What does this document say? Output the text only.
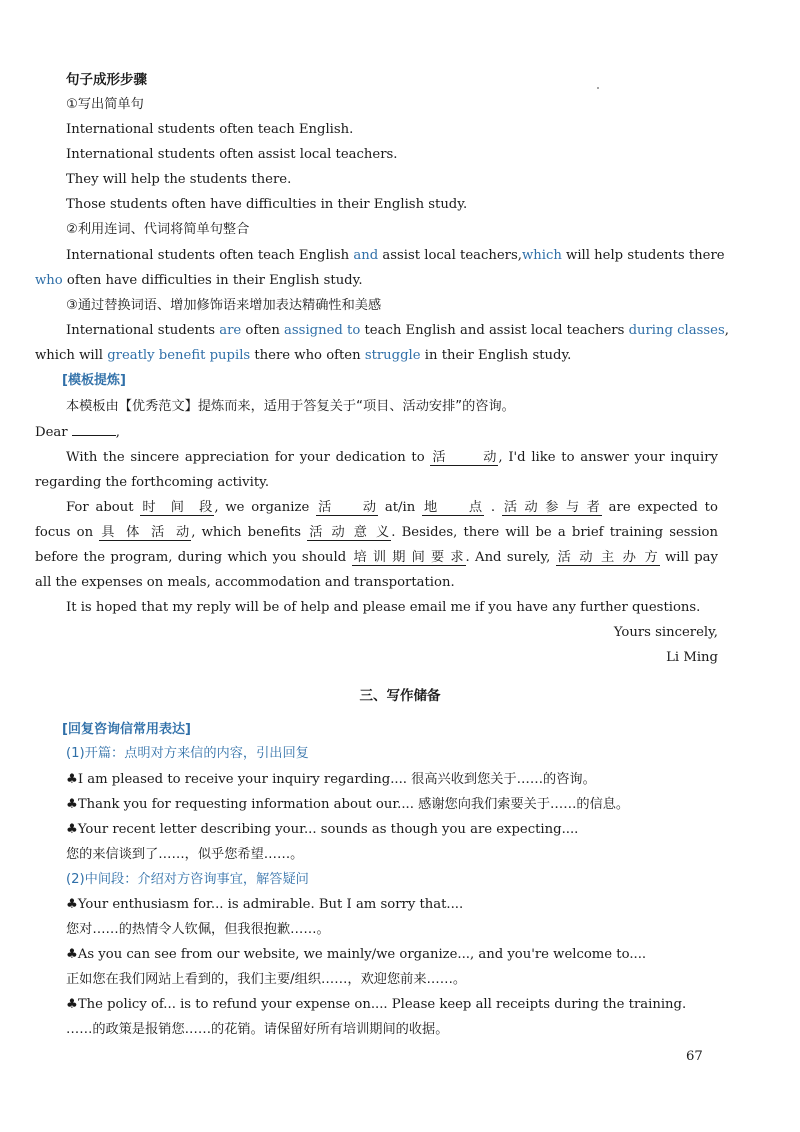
句子成形步骤
①写出简单句
International students often teach English.
International students often assist local teachers.
They will help the students there.
Those students often have difficulties in their English study.
②利用连词、代词将简单句整合
International students often teach English and assist local teachers,which will help students there
who often have difficulties in their English study.
③通过替换词语、增加修饰语来增加表达精确性和美感
International students are often assigned to teach English and assist local teachers during classes,
which will greatly benefit pupils there who often struggle in their English study.
[模板提炼]
本模板由【优秀范文】提炼而来，适用于答复关于“项目、活动安排”的咨询。
Dear	,
With the sincere appreciation for your dedication to 活动 , I'd like to answer your inquiry
regarding the forthcoming activity.
For about 时间段 , we organize 活动 at/in 地点 . 活动参与者 are expected to
focus on 具体活动 , which benefits 活动意义 . Besides, there will be a brief training session
before the program, during which you should 培训期间要求 . And surely, 活动主办方 will pay
all the expenses on meals, accommodation and transportation.
It is hoped that my reply will be of help and please email me if you have any further questions.
Yours sincerely,
Li Ming
三、写作储备
[回复咨询信常用表达]
(1)开篇：点明对方来信的内容，引出回复
♣I am pleased to receive your inquiry regarding.... 很高兴收到您关于……的咨询。
♣Thank you for requesting information about our.... 感谢您向我们索要关于……的信息。
♣Your recent letter describing your... sounds as though you are expecting....
您的来信谈到了……，似乎您希望……。
(2)中间段：介绍对方咨询事宜，解答疑问
♣Your enthusiasm for... is admirable. But I am sorry that....
您对……的热情令人钦佩，但我很抱歉……。
♣As you can see from our website, we mainly/we organize..., and you're welcome to....
正如您在我们网站上看到的，我们主要/组织……，欢迎您前来……。
♣The policy of... is to refund your expense on.... Please keep all receipts during the training.
……的政策是报销您……的花销。请保留好所有培训期间的收据。
67
